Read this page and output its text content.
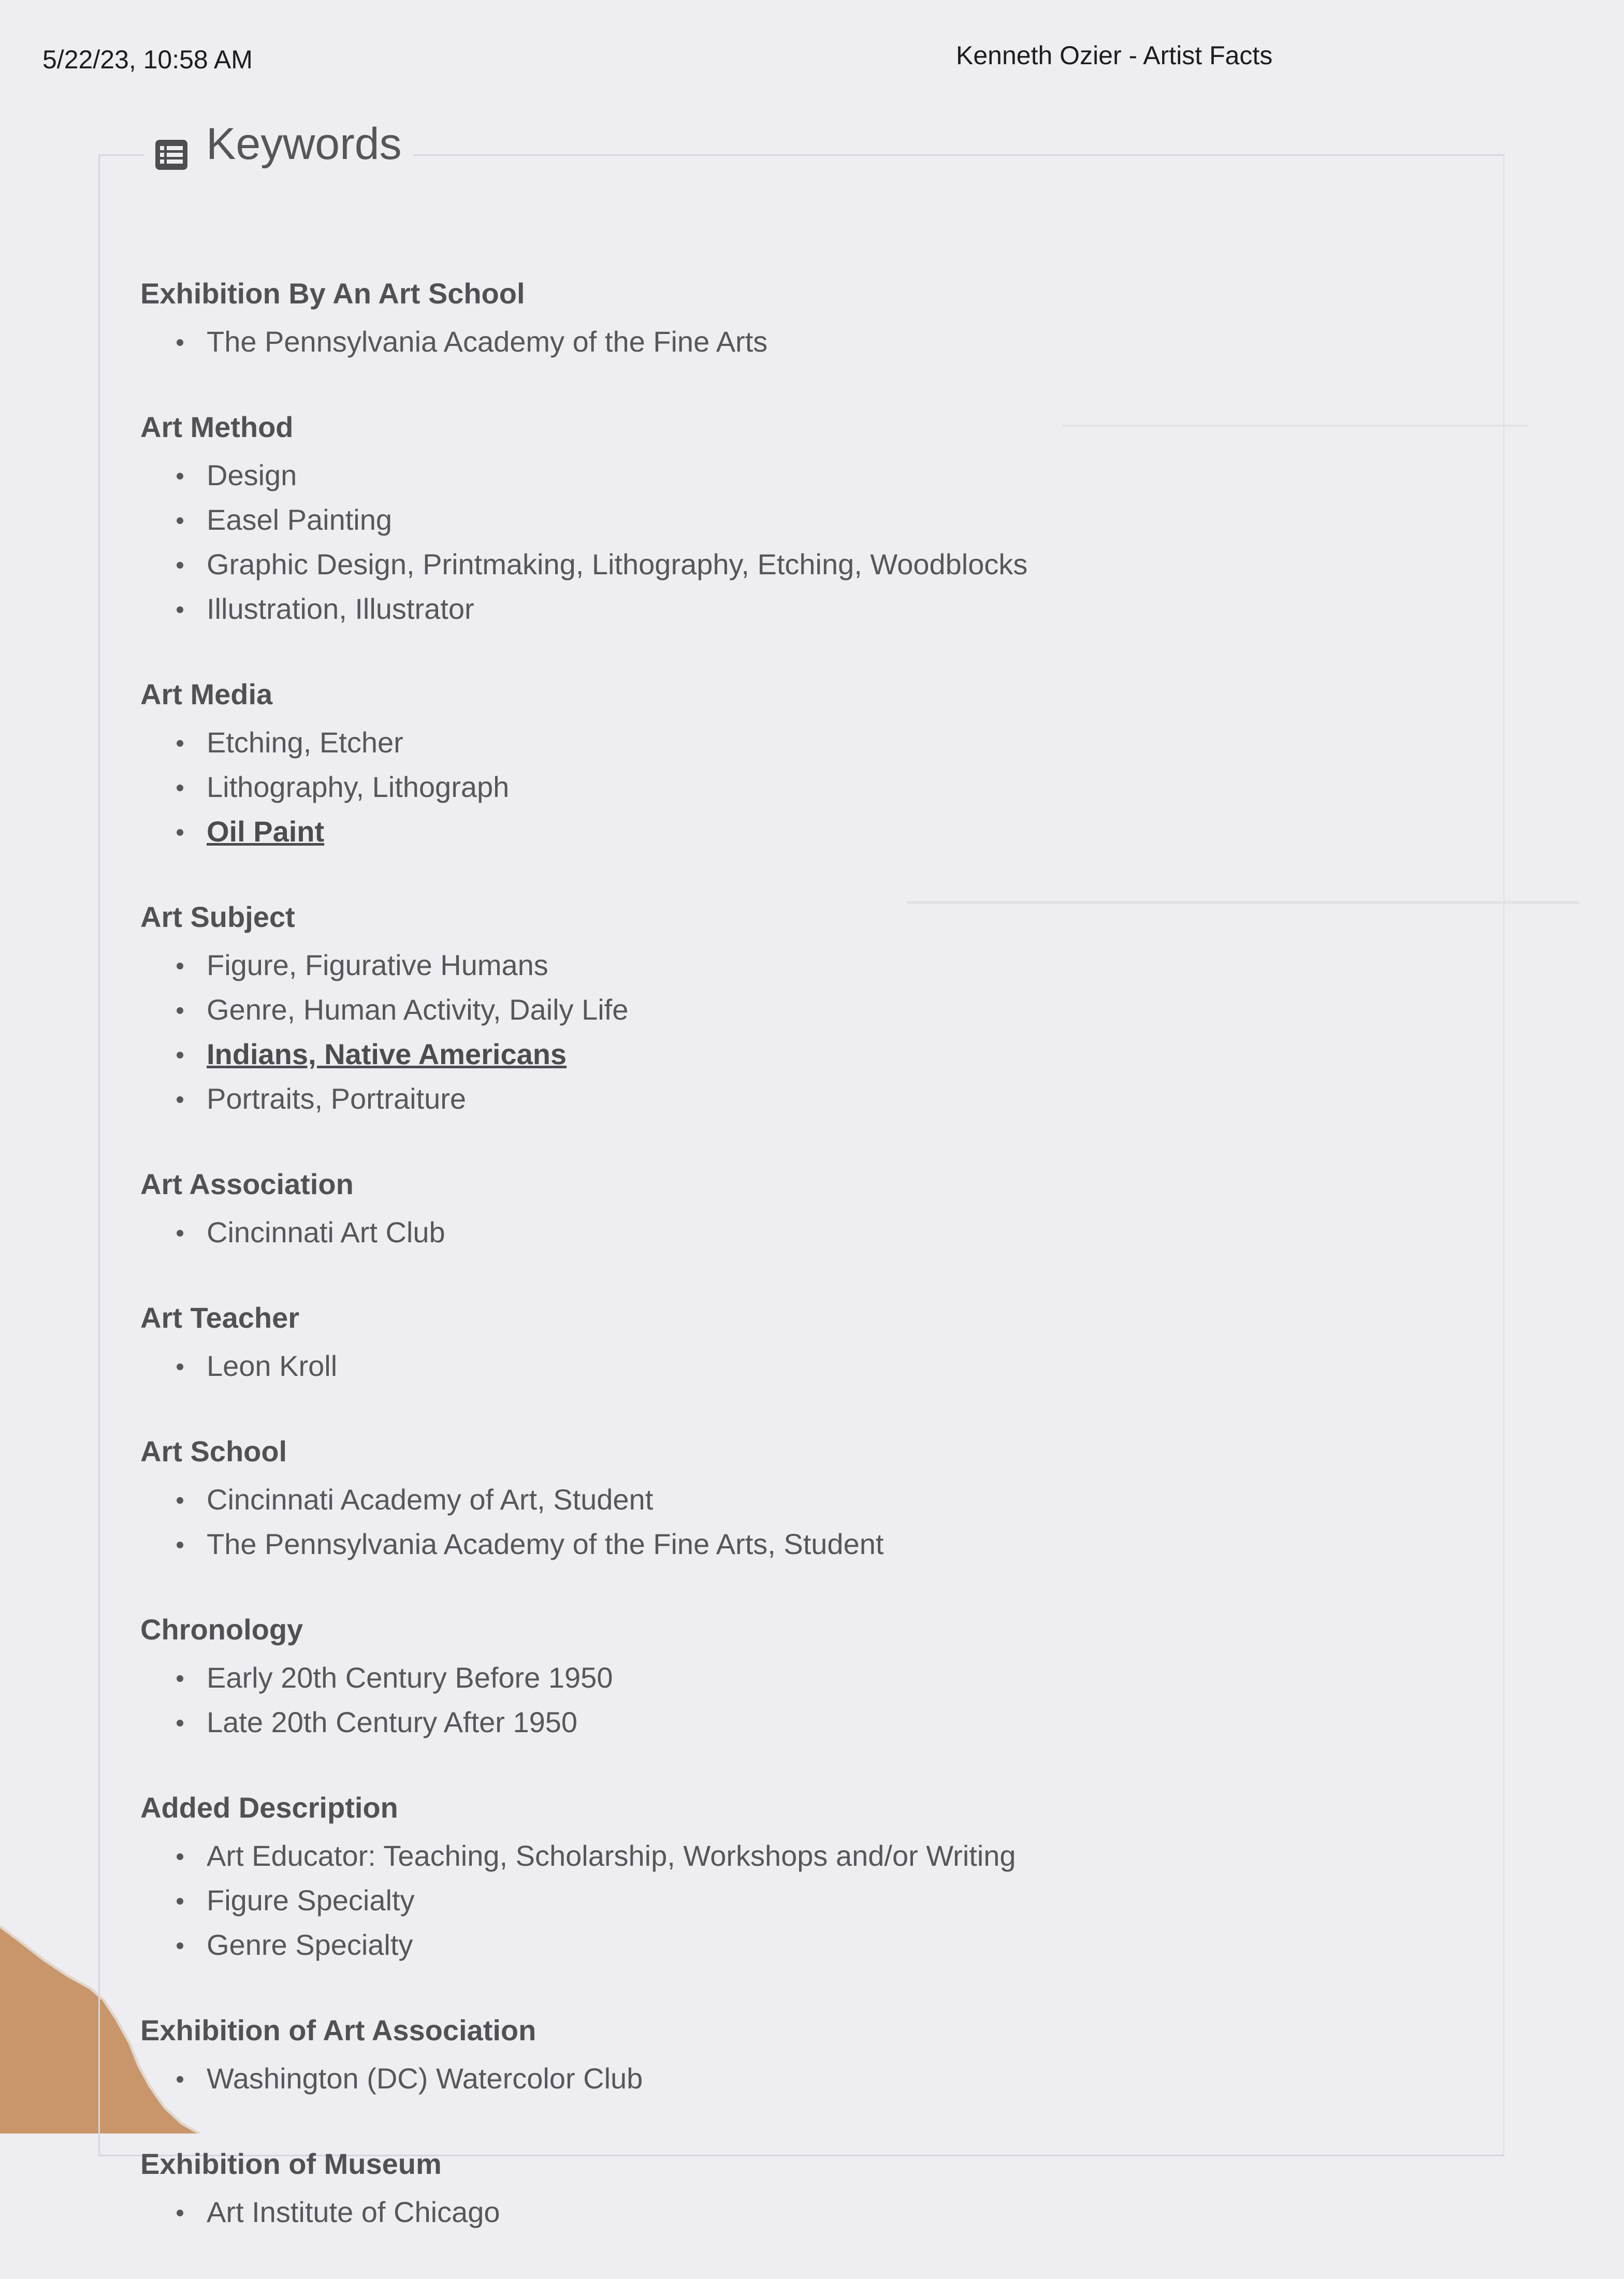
5/22/23, 10:58 AM	Kenneth Ozier - Artist Facts
Keywords
Exhibition By An Art School
The Pennsylvania Academy of the Fine Arts
Art Method
Design
Easel Painting
Graphic Design, Printmaking, Lithography, Etching, Woodblocks
Illustration, Illustrator
Art Media
Etching, Etcher
Lithography, Lithograph
Oil Paint
Art Subject
Figure, Figurative Humans
Genre, Human Activity, Daily Life
Indians, Native Americans
Portraits, Portraiture
Art Association
Cincinnati Art Club
Art Teacher
Leon Kroll
Art School
Cincinnati Academy of Art, Student
The Pennsylvania Academy of the Fine Arts, Student
Chronology
Early 20th Century Before 1950
Late 20th Century After 1950
Added Description
Art Educator: Teaching, Scholarship, Workshops and/or Writing
Figure Specialty
Genre Specialty
Exhibition of Art Association
Washington (DC) Watercolor Club
Exhibition of Museum
Art Institute of Chicago
